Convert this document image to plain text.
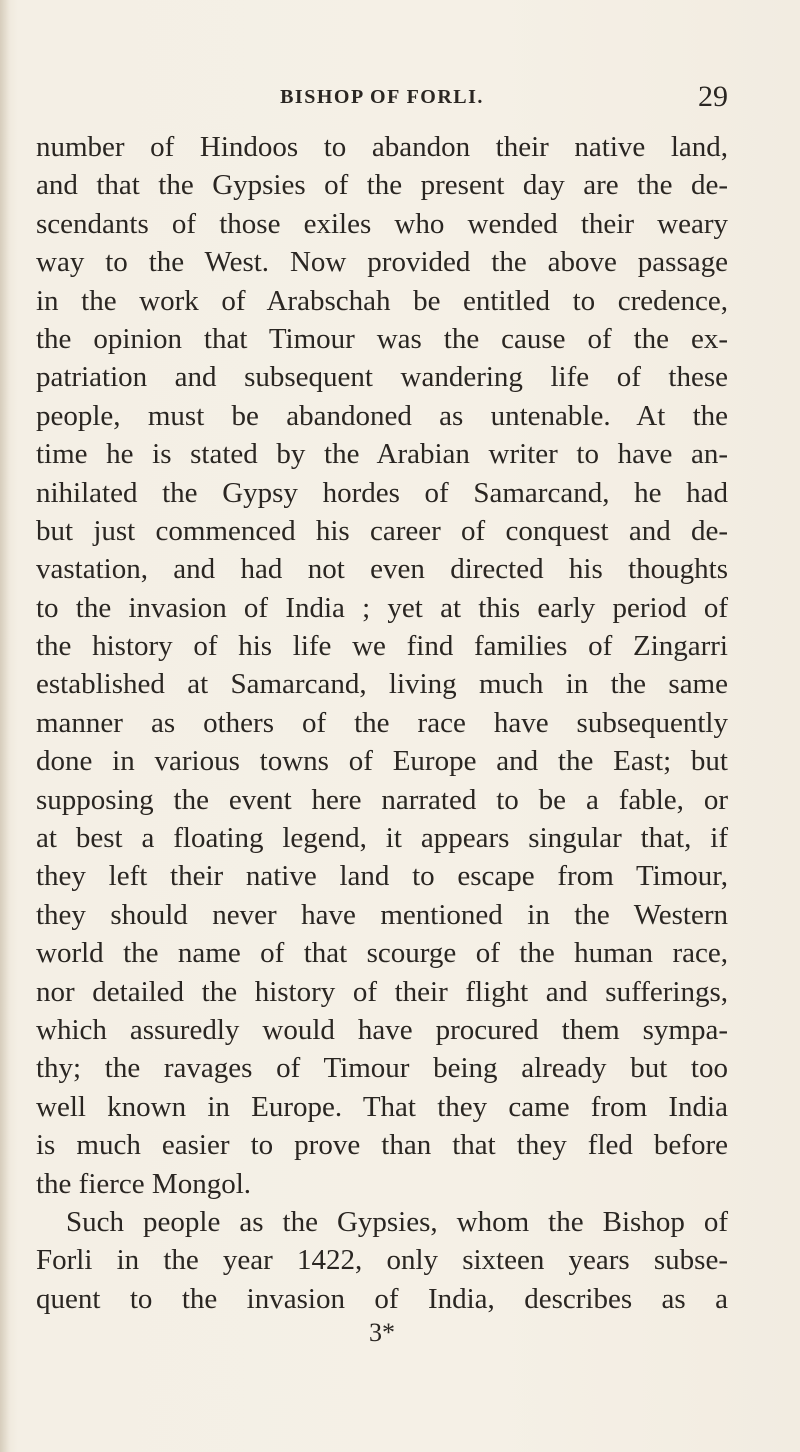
BISHOP OF FORLI.	29
number of Hindoos to abandon their native land,
and that the Gypsies of the present day are the de-
scendants of those exiles who wended their weary
way to the West. Now provided the above passage
in the work of Arabschah be entitled to credence,
the opinion that Timour was the cause of the ex-
patriation and subsequent wandering life of these
people, must be abandoned as untenable. At the
time he is stated by the Arabian writer to have an-
nihilated the Gypsy hordes of Samarcand, he had
but just commenced his career of conquest and de-
vastation, and had not even directed his thoughts
to the invasion of India ; yet at this early period of
the history of his life we find families of Zingarri
established at Samarcand, living much in the same
manner as others of the race have subsequently
done in various towns of Europe and the East; but
supposing the event here narrated to be a fable, or
at best a floating legend, it appears singular that, if
they left their native land to escape from Timour,
they should never have mentioned in the Western
world the name of that scourge of the human race,
nor detailed the history of their flight and sufferings,
which assuredly would have procured them sympa-
thy; the ravages of Timour being already but too
well known in Europe. That they came from India
is much easier to prove than that they fled before
the fierce Mongol.
Such people as the Gypsies, whom the Bishop of
Forli in the year 1422, only sixteen years subse-
quent to the invasion of India, describes as a
3*
